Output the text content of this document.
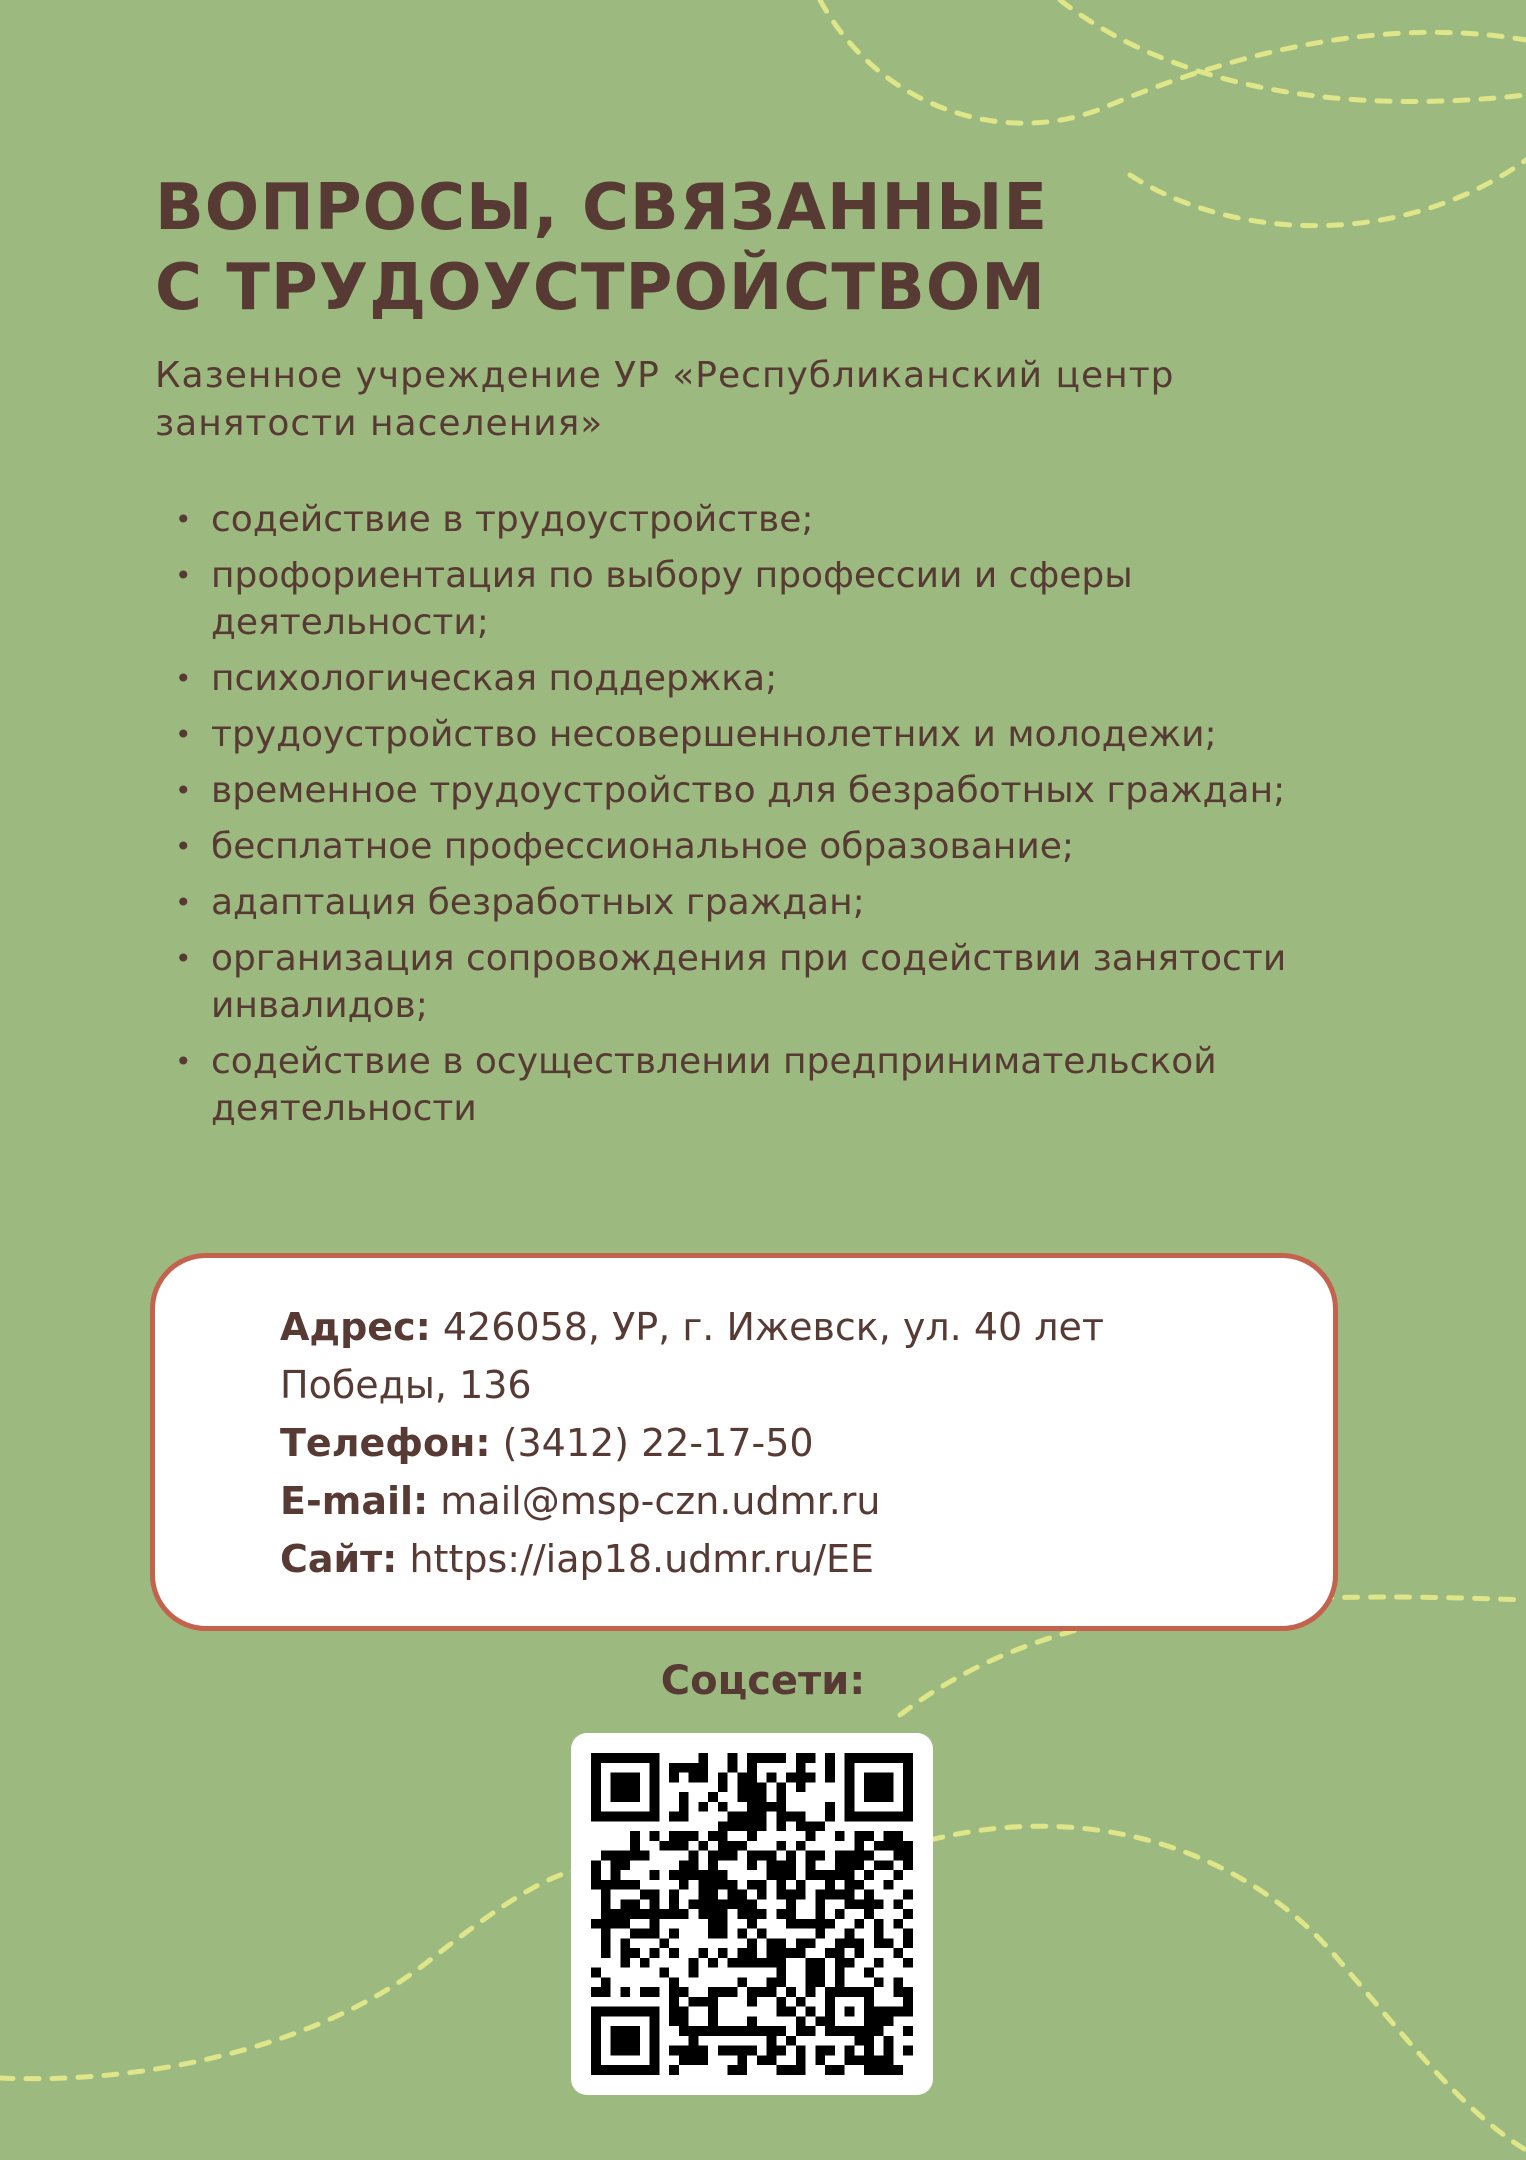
ВОПРОСЫ, СВЯЗАННЫЕ
С ТРУДОУСТРОЙСТВОМ
Казенное учреждение УР «Республиканский центр
занятости населения»
• содействие в трудоустройстве;
• профориентация по выбору профессии и сферы деятельности;
• психологическая поддержка;
• трудоустройство несовершеннолетних и молодежи;
• временное трудоустройство для безработных граждан;
• бесплатное профессиональное образование;
• адаптация безработных граждан;
• организация сопровождения при содействии занятости инвалидов;
• содействие в осуществлении предпринимательской деятельности
Адрес: 426058, УР, г. Ижевск, ул. 40 лет
Победы, 136
Телефон: (3412) 22-17-50
E-mail: mail@msp-czn.udmr.ru
Сайт: https://iap18.udmr.ru/ЕЕ
Соцсети:
